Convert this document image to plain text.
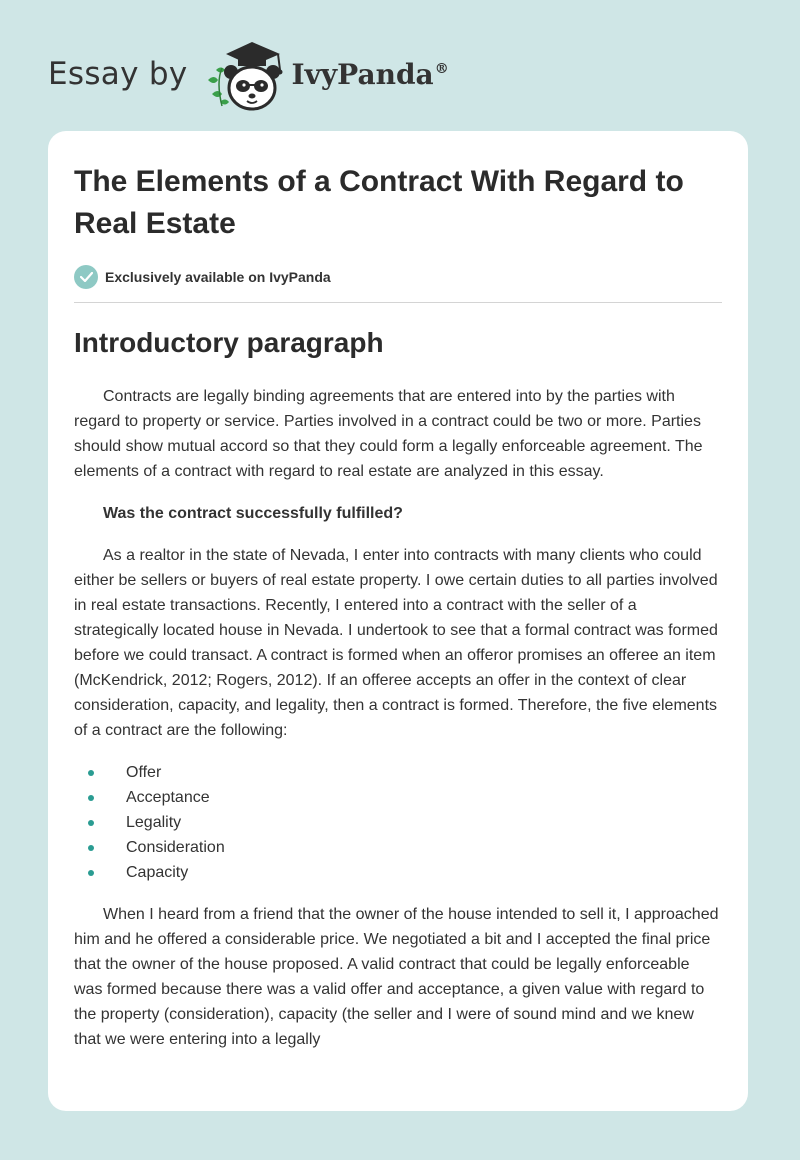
Essay by	IvyPanda®
The Elements of a Contract With Regard to Real Estate
Exclusively available on IvyPanda
Introductory paragraph

Contracts are legally binding agreements that are entered into by the parties with regard to property or service. Parties involved in a contract could be two or more. Parties should show mutual accord so that they could form a legally enforceable agreement. The elements of a contract with regard to real estate are analyzed in this essay.

Was the contract successfully fulfilled?

As a realtor in the state of Nevada, I enter into contracts with many clients who could either be sellers or buyers of real estate property. I owe certain duties to all parties involved in real estate transactions. Recently, I entered into a contract with the seller of a strategically located house in Nevada. I undertook to see that a formal contract was formed before we could transact. A contract is formed when an offeror promises an offeree an item (McKendrick, 2012; Rogers, 2012). If an offeree accepts an offer in the context of clear consideration, capacity, and legality, then a contract is formed. Therefore, the five elements of a contract are the following:

Offer
Acceptance
Legality
Consideration
Capacity

When I heard from a friend that the owner of the house intended to sell it, I approached him and he offered a considerable price. We negotiated a bit and I accepted the final price that the owner of the house proposed. A valid contract that could be legally enforceable was formed because there was a valid offer and acceptance, a given value with regard to the property (consideration), capacity (the seller and I were of sound mind and we knew that we were entering into a legally
